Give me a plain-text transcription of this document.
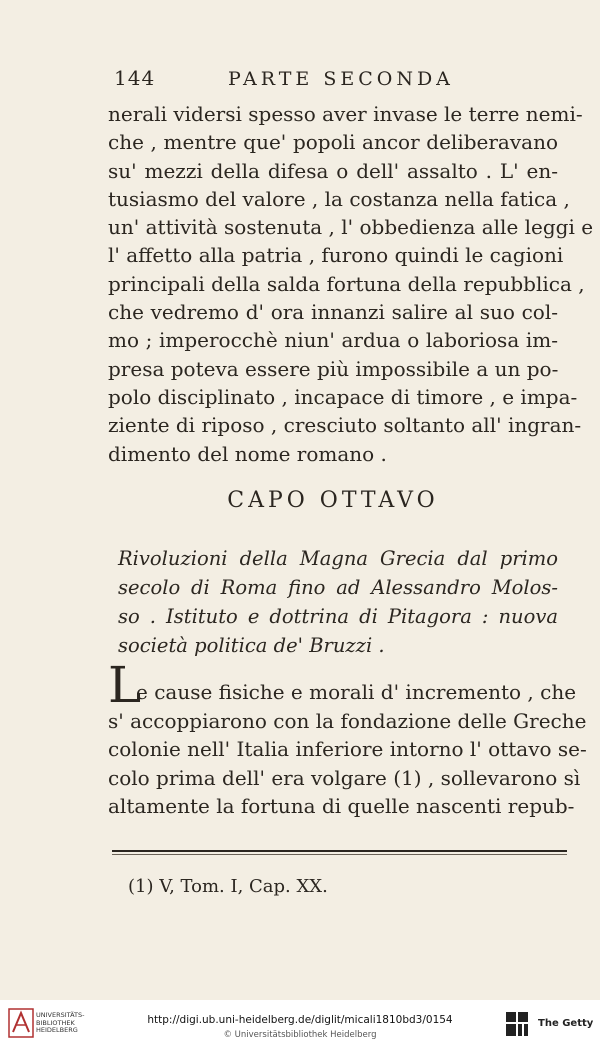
144	PARTE SECONDA
nerali vidersi spesso aver invase le terre nemi-
che , mentre que' popoli ancor deliberavano
su' mezzi della difesa o dell' assalto . L' en-
tusiasmo del valore , la costanza nella fatica ,
un' attività sostenuta , l' obbedienza alle leggi e
l' affetto alla patria , furono quindi le cagioni
principali della salda fortuna della repubblica ,
che vedremo d' ora innanzi salire al suo col-
mo ; imperocchè niun' ardua o laboriosa im-
presa poteva essere più impossibile a un po-
polo disciplinato , incapace di timore , e impa-
ziente di riposo , cresciuto soltanto all' ingran-
dimento del nome romano .
CAPO OTTAVO
Rivoluzioni della Magna Grecia dal primo
secolo di Roma fino ad Alessandro Molos-
so . Istituto e dottrina di Pitagora : nuova
società politica de' Bruzzi .
L
e cause fisiche e morali d' incremento , che
s' accoppiarono con la fondazione delle Greche
colonie nell' Italia inferiore intorno l' ottavo se-
colo prima dell' era volgare (1) , sollevarono sì
altamente la fortuna di quelle nascenti repub-
(1) V, Tom. I, Cap. XX.
UNIVERSITÄTS-
BIBLIOTHEK
HEIDELBERG
http://digi.ub.uni-heidelberg.de/diglit/micali1810bd3/0154
© Universitätsbibliothek Heidelberg
The Getty
